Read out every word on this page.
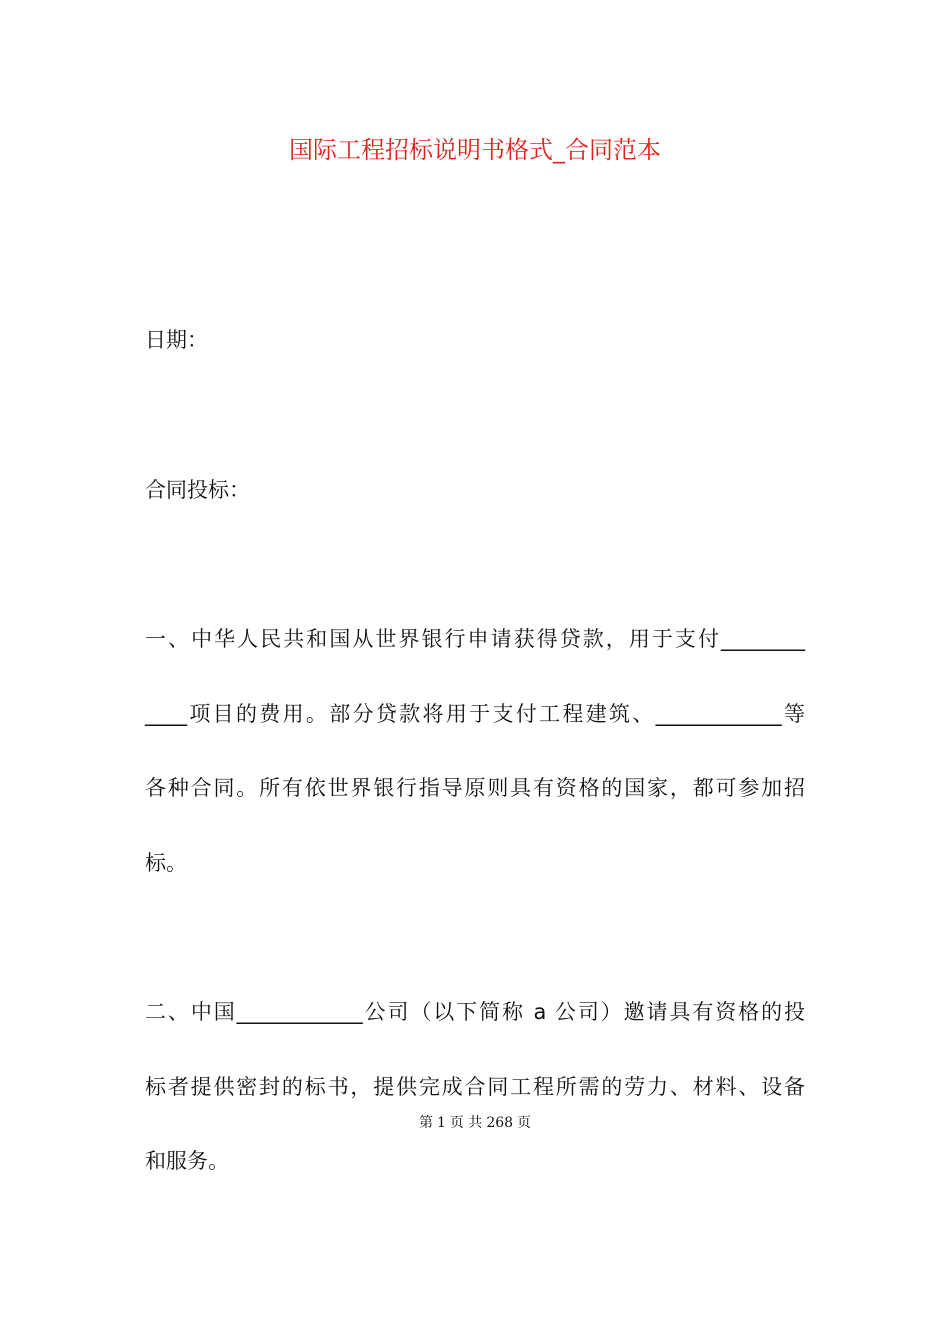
国际工程招标说明书格式_合同范本
日期：
合同投标：
一、中华人民共和国从世界银行申请获得贷款，用于支付________
____项目的费用。部分贷款将用于支付工程建筑、____________等
各种合同。所有依世界银行指导原则具有资格的国家，都可参加招
标。
二、中国____________公司（以下简称 a 公司）邀请具有资格的投
标者提供密封的标书，提供完成合同工程所需的劳力、材料、设备
和服务。
第 1 页 共 268 页
